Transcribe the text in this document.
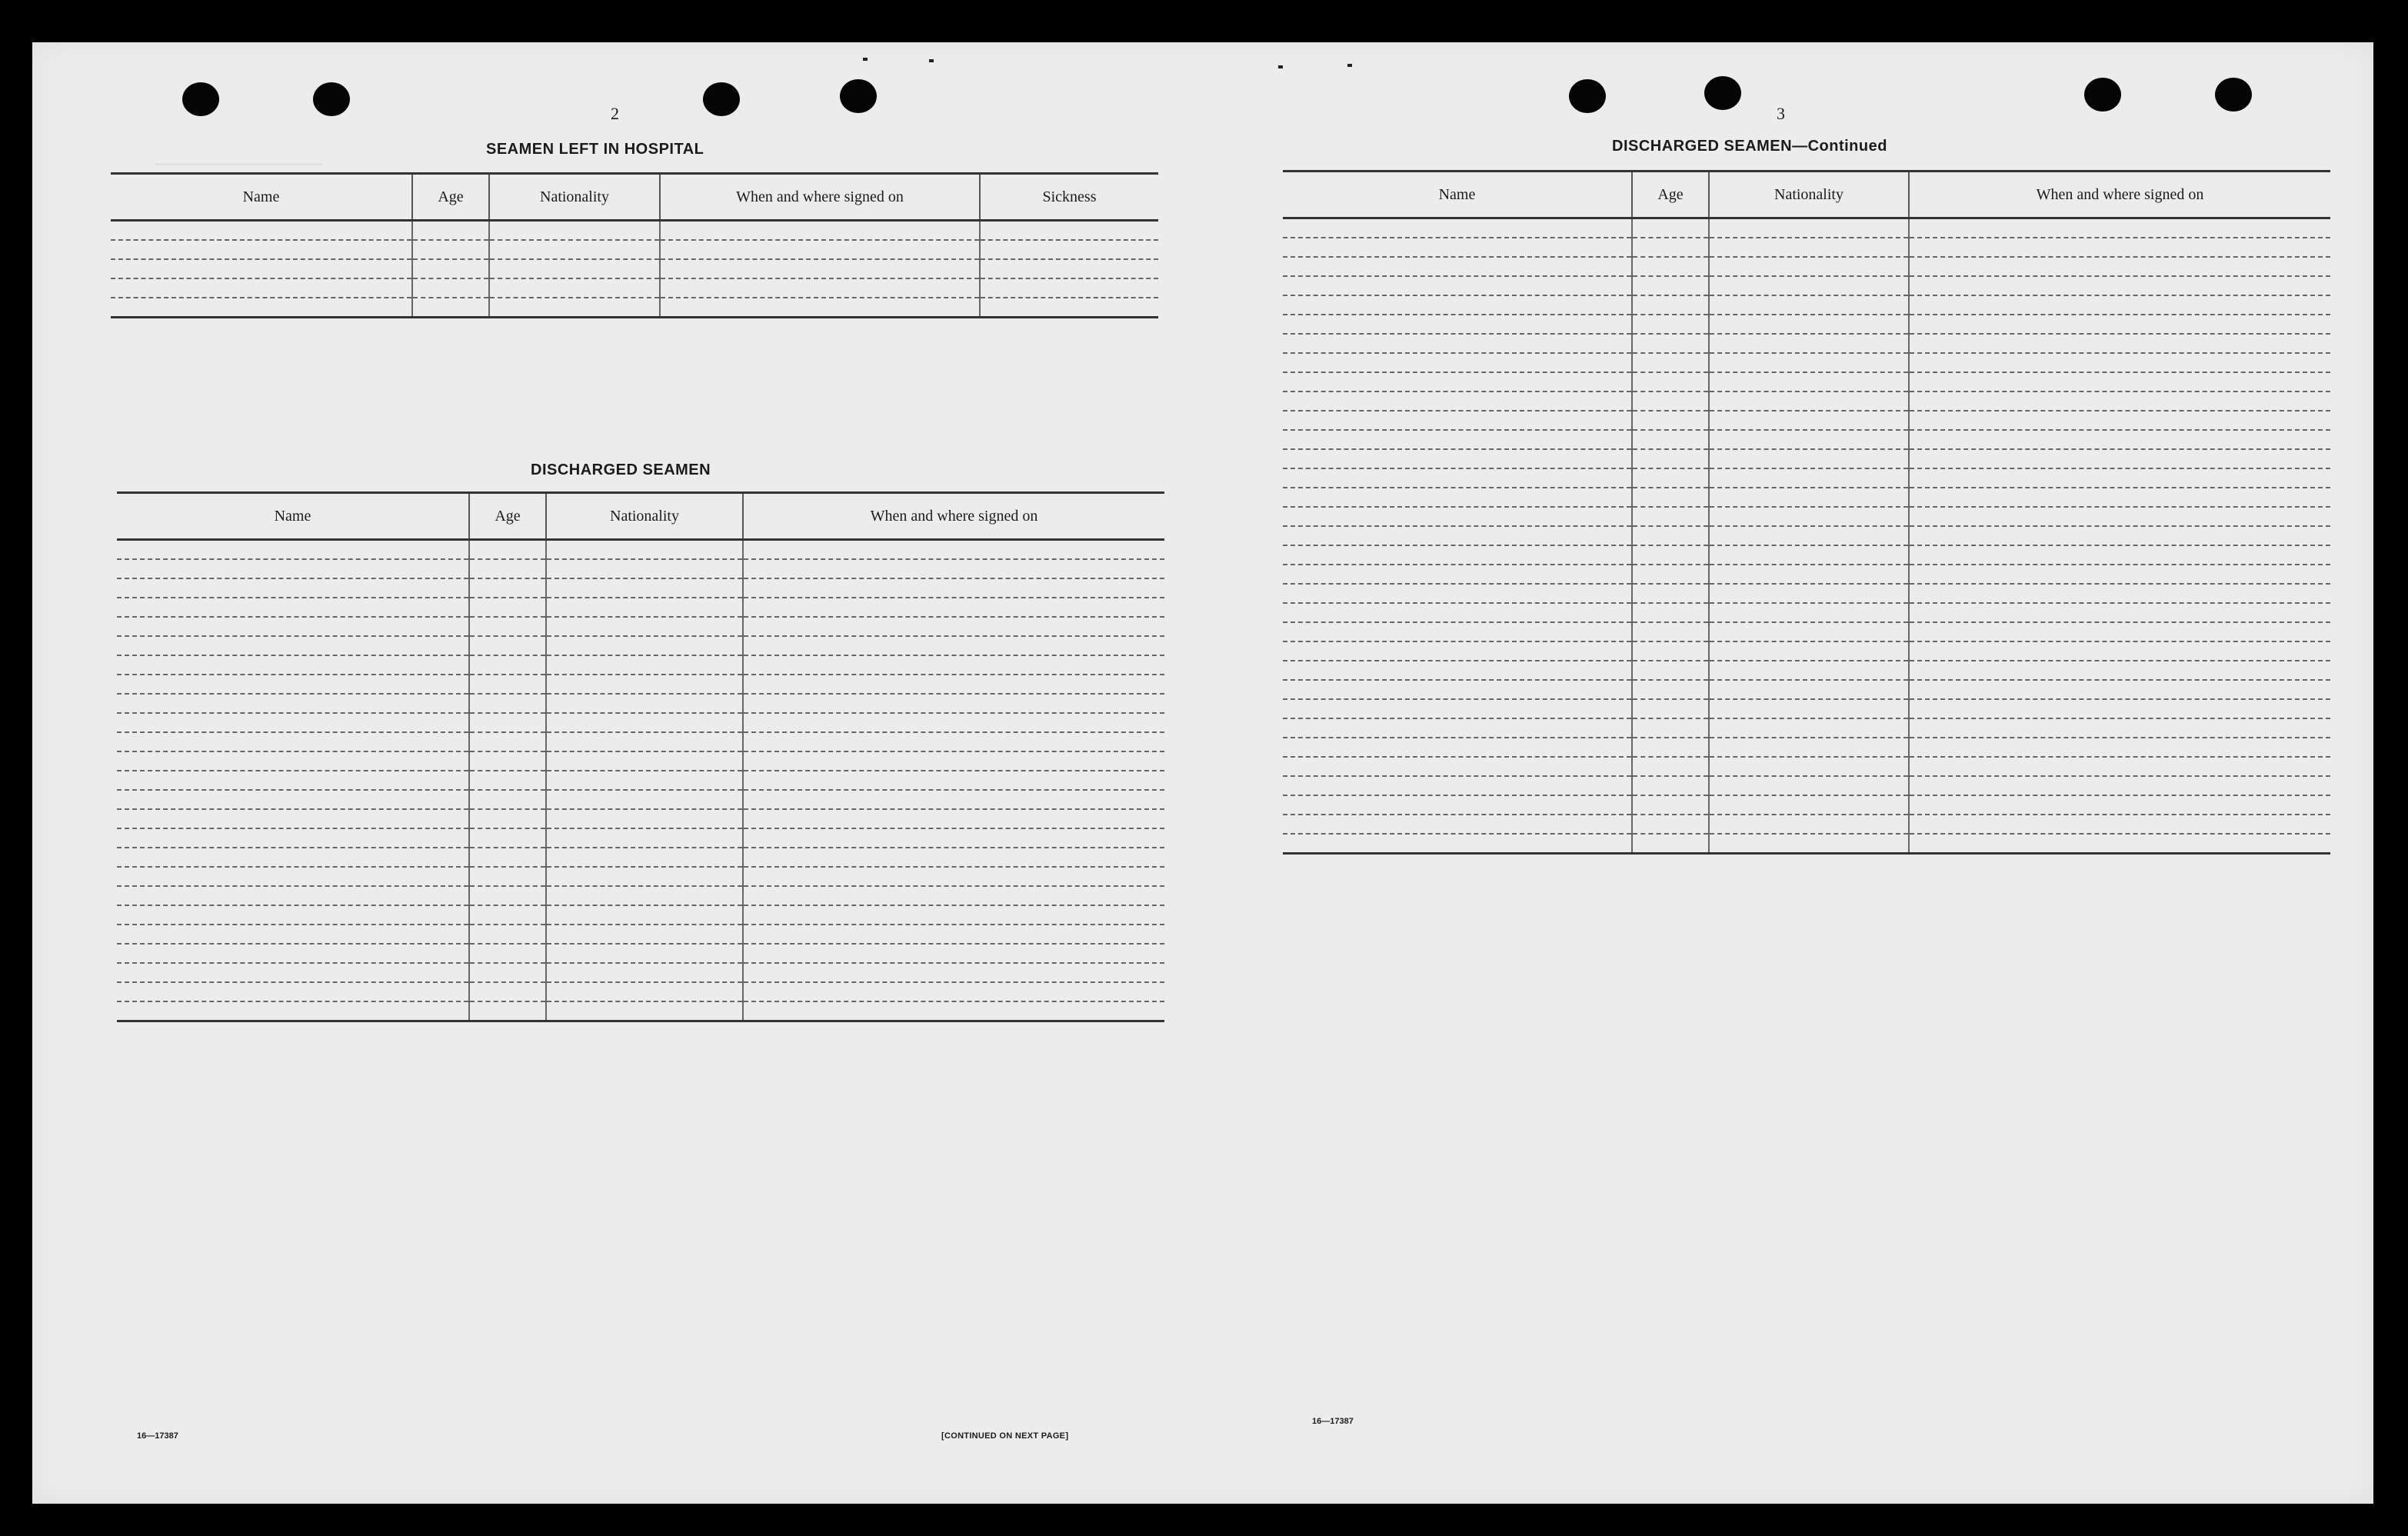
─────────
2
SEAMEN LEFT IN HOSPITAL
Name	Age	Nationality	When and where signed on	Sickness

DISCHARGED SEAMEN
Name	Age	Nationality	When and where signed on

16—17387	[CONTINUED ON NEXT PAGE]
3
DISCHARGED SEAMEN—Continued
Name	Age	Nationality	When and where signed on

16—17387
